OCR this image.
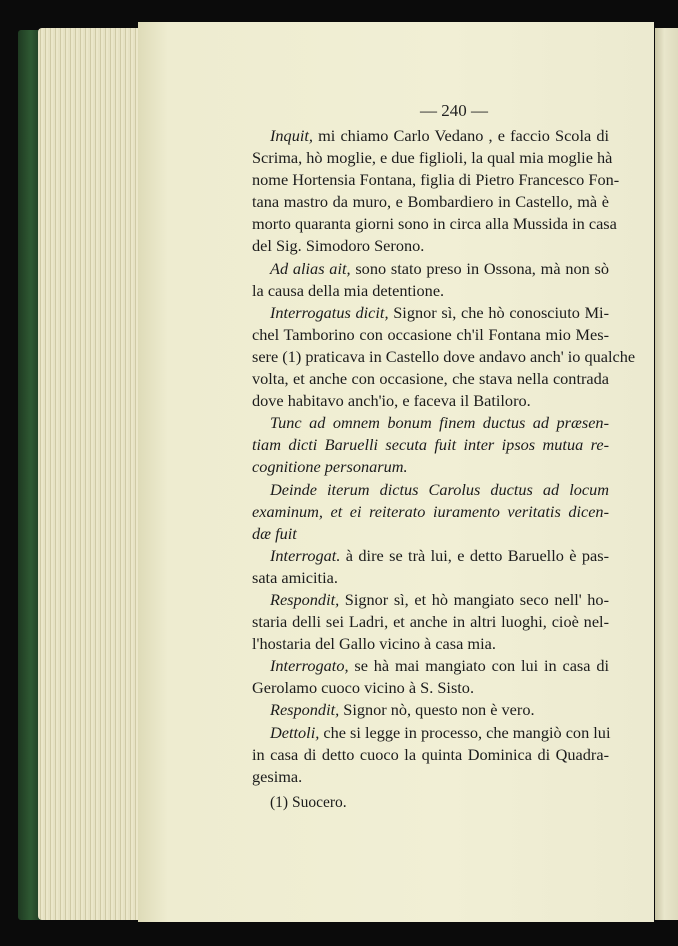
— 240 —
Inquit, mi chiamo Carlo Vedano , e faccio Scola di
Scrima, hò moglie, e due figlioli, la qual mia moglie hà
nome Hortensia Fontana, figlia di Pietro Francesco Fon-
tana mastro da muro, e Bombardiero in Castello, mà è
morto quaranta giorni sono in circa alla Mussida in casa
del Sig. Simodoro Serono.
Ad alias ait, sono stato preso in Ossona, mà non sò
la causa della mia detentione.
Interrogatus dicit, Signor sì, che hò conosciuto Mi-
chel Tamborino con occasione ch'il Fontana mio Mes-
sere (1) praticava in Castello dove andavo anch' io qualche
volta, et anche con occasione, che stava nella contrada
dove habitavo anch'io, e faceva il Batiloro.
Tunc ad omnem bonum finem ductus ad præsen-
tiam dicti Baruelli secuta fuit inter ipsos mutua re-
cognitione personarum.
Deinde iterum dictus Carolus ductus ad locum
examinum, et ei reiterato iuramento veritatis dicen-
dæ fuit
Interrogat. à dire se trà lui, e detto Baruello è pas-
sata amicitia.
Respondit, Signor sì, et hò mangiato seco nell' ho-
staria delli sei Ladri, et anche in altri luoghi, cioè nel-
l'hostaria del Gallo vicino à casa mia.
Interrogato, se hà mai mangiato con lui in casa di
Gerolamo cuoco vicino à S. Sisto.
Respondit, Signor nò, questo non è vero.
Dettoli, che si legge in processo, che mangiò con lui
in casa di detto cuoco la quinta Dominica di Quadra-
gesima.
(1) Suocero.
